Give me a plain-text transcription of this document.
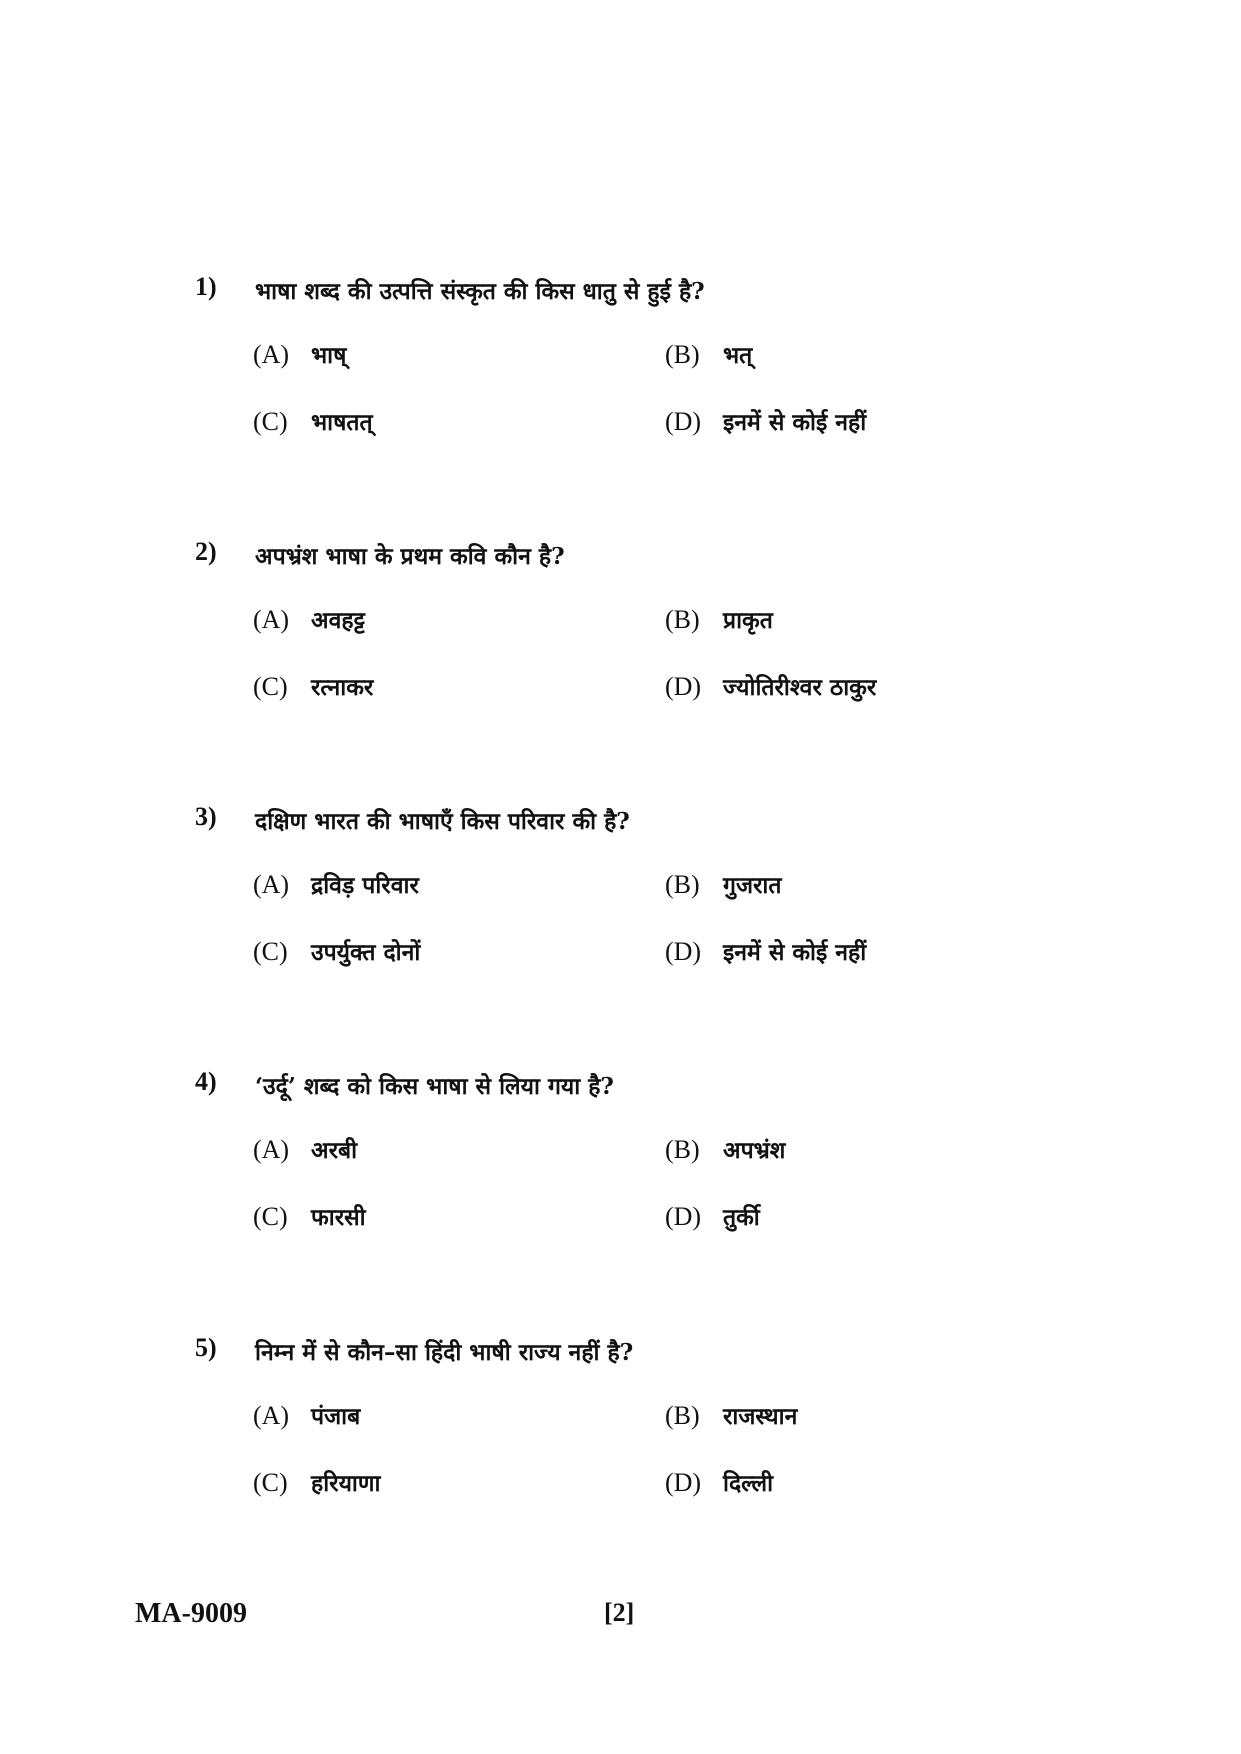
1) भाषा शब्द की उत्पत्ति संस्कृत की किस धातु से हुई है?
(A) भाष्	(B) भत्
(C) भाषतत्	(D) इनमें से कोई नहीं
2) अपभ्रंश भाषा के प्रथम कवि कौन है?
(A) अवहट्ट	(B) प्राकृत
(C) रत्नाकर	(D) ज्योतिरीश्वर ठाकुर
3) दक्षिण भारत की भाषाएँ किस परिवार की है?
(A) द्रविड़ परिवार	(B) गुजरात
(C) उपर्युक्त दोनों	(D) इनमें से कोई नहीं
4) ‘उर्दू’ शब्द को किस भाषा से लिया गया है?
(A) अरबी	(B) अपभ्रंश
(C) फारसी	(D) तुर्की
5) निम्न में से कौन–सा हिंदी भाषी राज्य नहीं है?
(A) पंजाब	(B) राजस्थान
(C) हरियाणा	(D) दिल्ली
MA-9009	[2]
